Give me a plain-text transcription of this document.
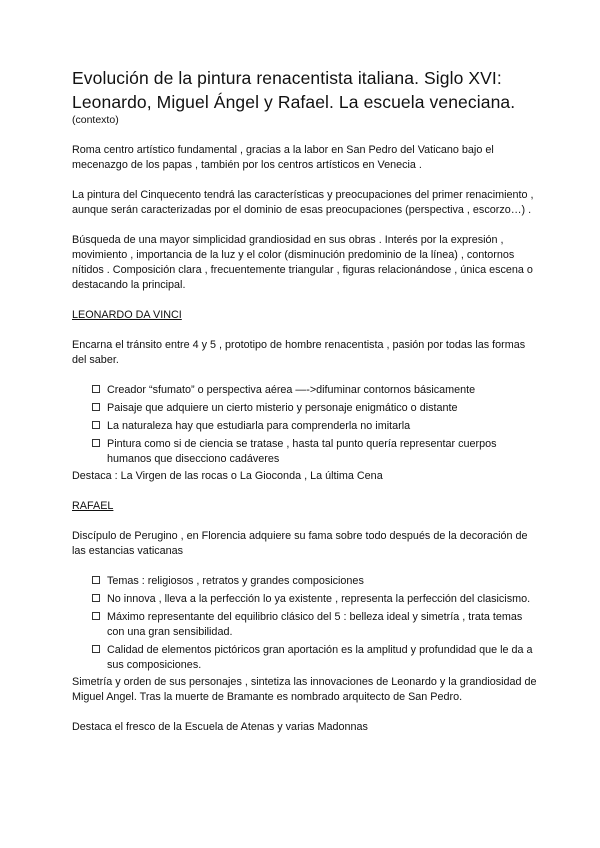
Evolución de la pintura renacentista italiana. Siglo XVI: Leonardo, Miguel Ángel y Rafael. La escuela veneciana.
(contexto)

Roma centro artístico fundamental , gracias a la labor en San Pedro del Vaticano bajo el mecenazgo de los papas , también por los centros artísticos en Venecia .

La pintura del Cinquecento tendrá las características y preocupaciones del primer renacimiento , aunque serán caracterizadas por el dominio de esas preocupaciones (perspectiva , escorzo…) .

Búsqueda de una mayor simplicidad grandiosidad en sus obras . Interés por la expresión , movimiento , importancia de la luz y el color (disminución predominio de la línea) , contornos nítidos . Composición clara , frecuentemente triangular , figuras relacionándose , única escena o destacando la principal.

LEONARDO DA VINCI

Encarna el tránsito entre 4 y 5 , prototipo de hombre renacentista , pasión por todas las formas del saber.

Creador “sfumato” o perspectiva aérea —->difuminar contornos básicamente
Paisaje que adquiere un cierto misterio y personaje enigmático o distante
La naturaleza hay que estudiarla para comprenderla no imitarla
Pintura como si de ciencia se tratase , hasta tal punto quería representar cuerpos humanos que disecciono cadáveres

Destaca : La Virgen de las rocas o La Gioconda , La última Cena

RAFAEL

Discípulo de Perugino , en Florencia adquiere su fama sobre todo después de la decoración de las estancias vaticanas

Temas : religiosos , retratos y grandes composiciones
No innova , lleva a la perfección lo ya existente , representa la perfección del clasicismo.
Máximo representante del equilibrio clásico del 5 : belleza ideal y simetría , trata temas con una gran sensibilidad.
Calidad de elementos pictóricos gran aportación es la amplitud y profundidad que le da a sus composiciones.

Simetría y orden de sus personajes , sintetiza las innovaciones de Leonardo y la grandiosidad de Miguel Angel. Tras la muerte de Bramante es nombrado arquitecto de San Pedro.

Destaca el fresco de la Escuela de Atenas y varias Madonnas
